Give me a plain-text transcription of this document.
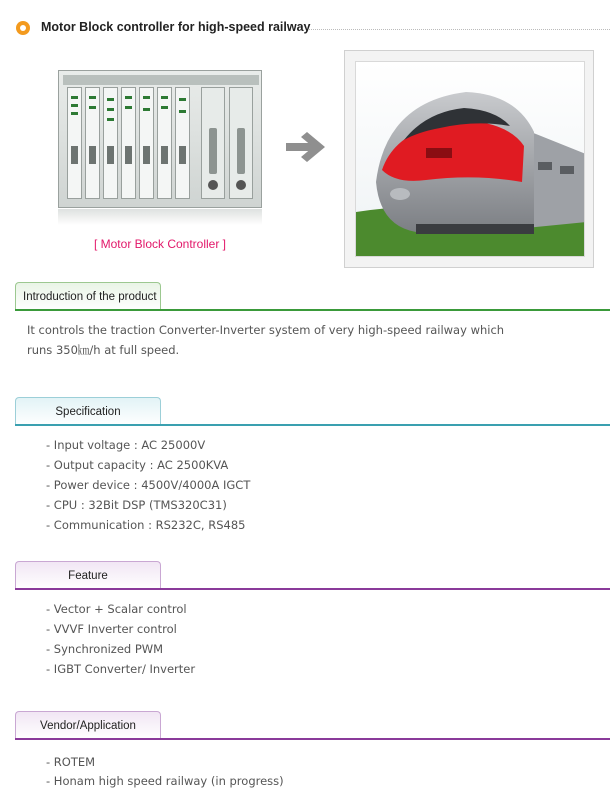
Motor Block controller for high-speed railway
[ Motor Block Controller ]
Introduction of the product
It controls the traction Converter-Inverter system of very high-speed railway which runs 350㎞/h at full speed.
Specification
- Input voltage : AC 25000V
- Output capacity : AC 2500KVA
- Power device : 4500V/4000A IGCT
- CPU : 32Bit DSP (TMS320C31)
- Communication : RS232C, RS485
Feature
- Vector + Scalar control
- VVVF Inverter control
- Synchronized PWM
- IGBT Converter/ Inverter
Vendor/Application
- ROTEM
- Honam high speed railway (in progress)
